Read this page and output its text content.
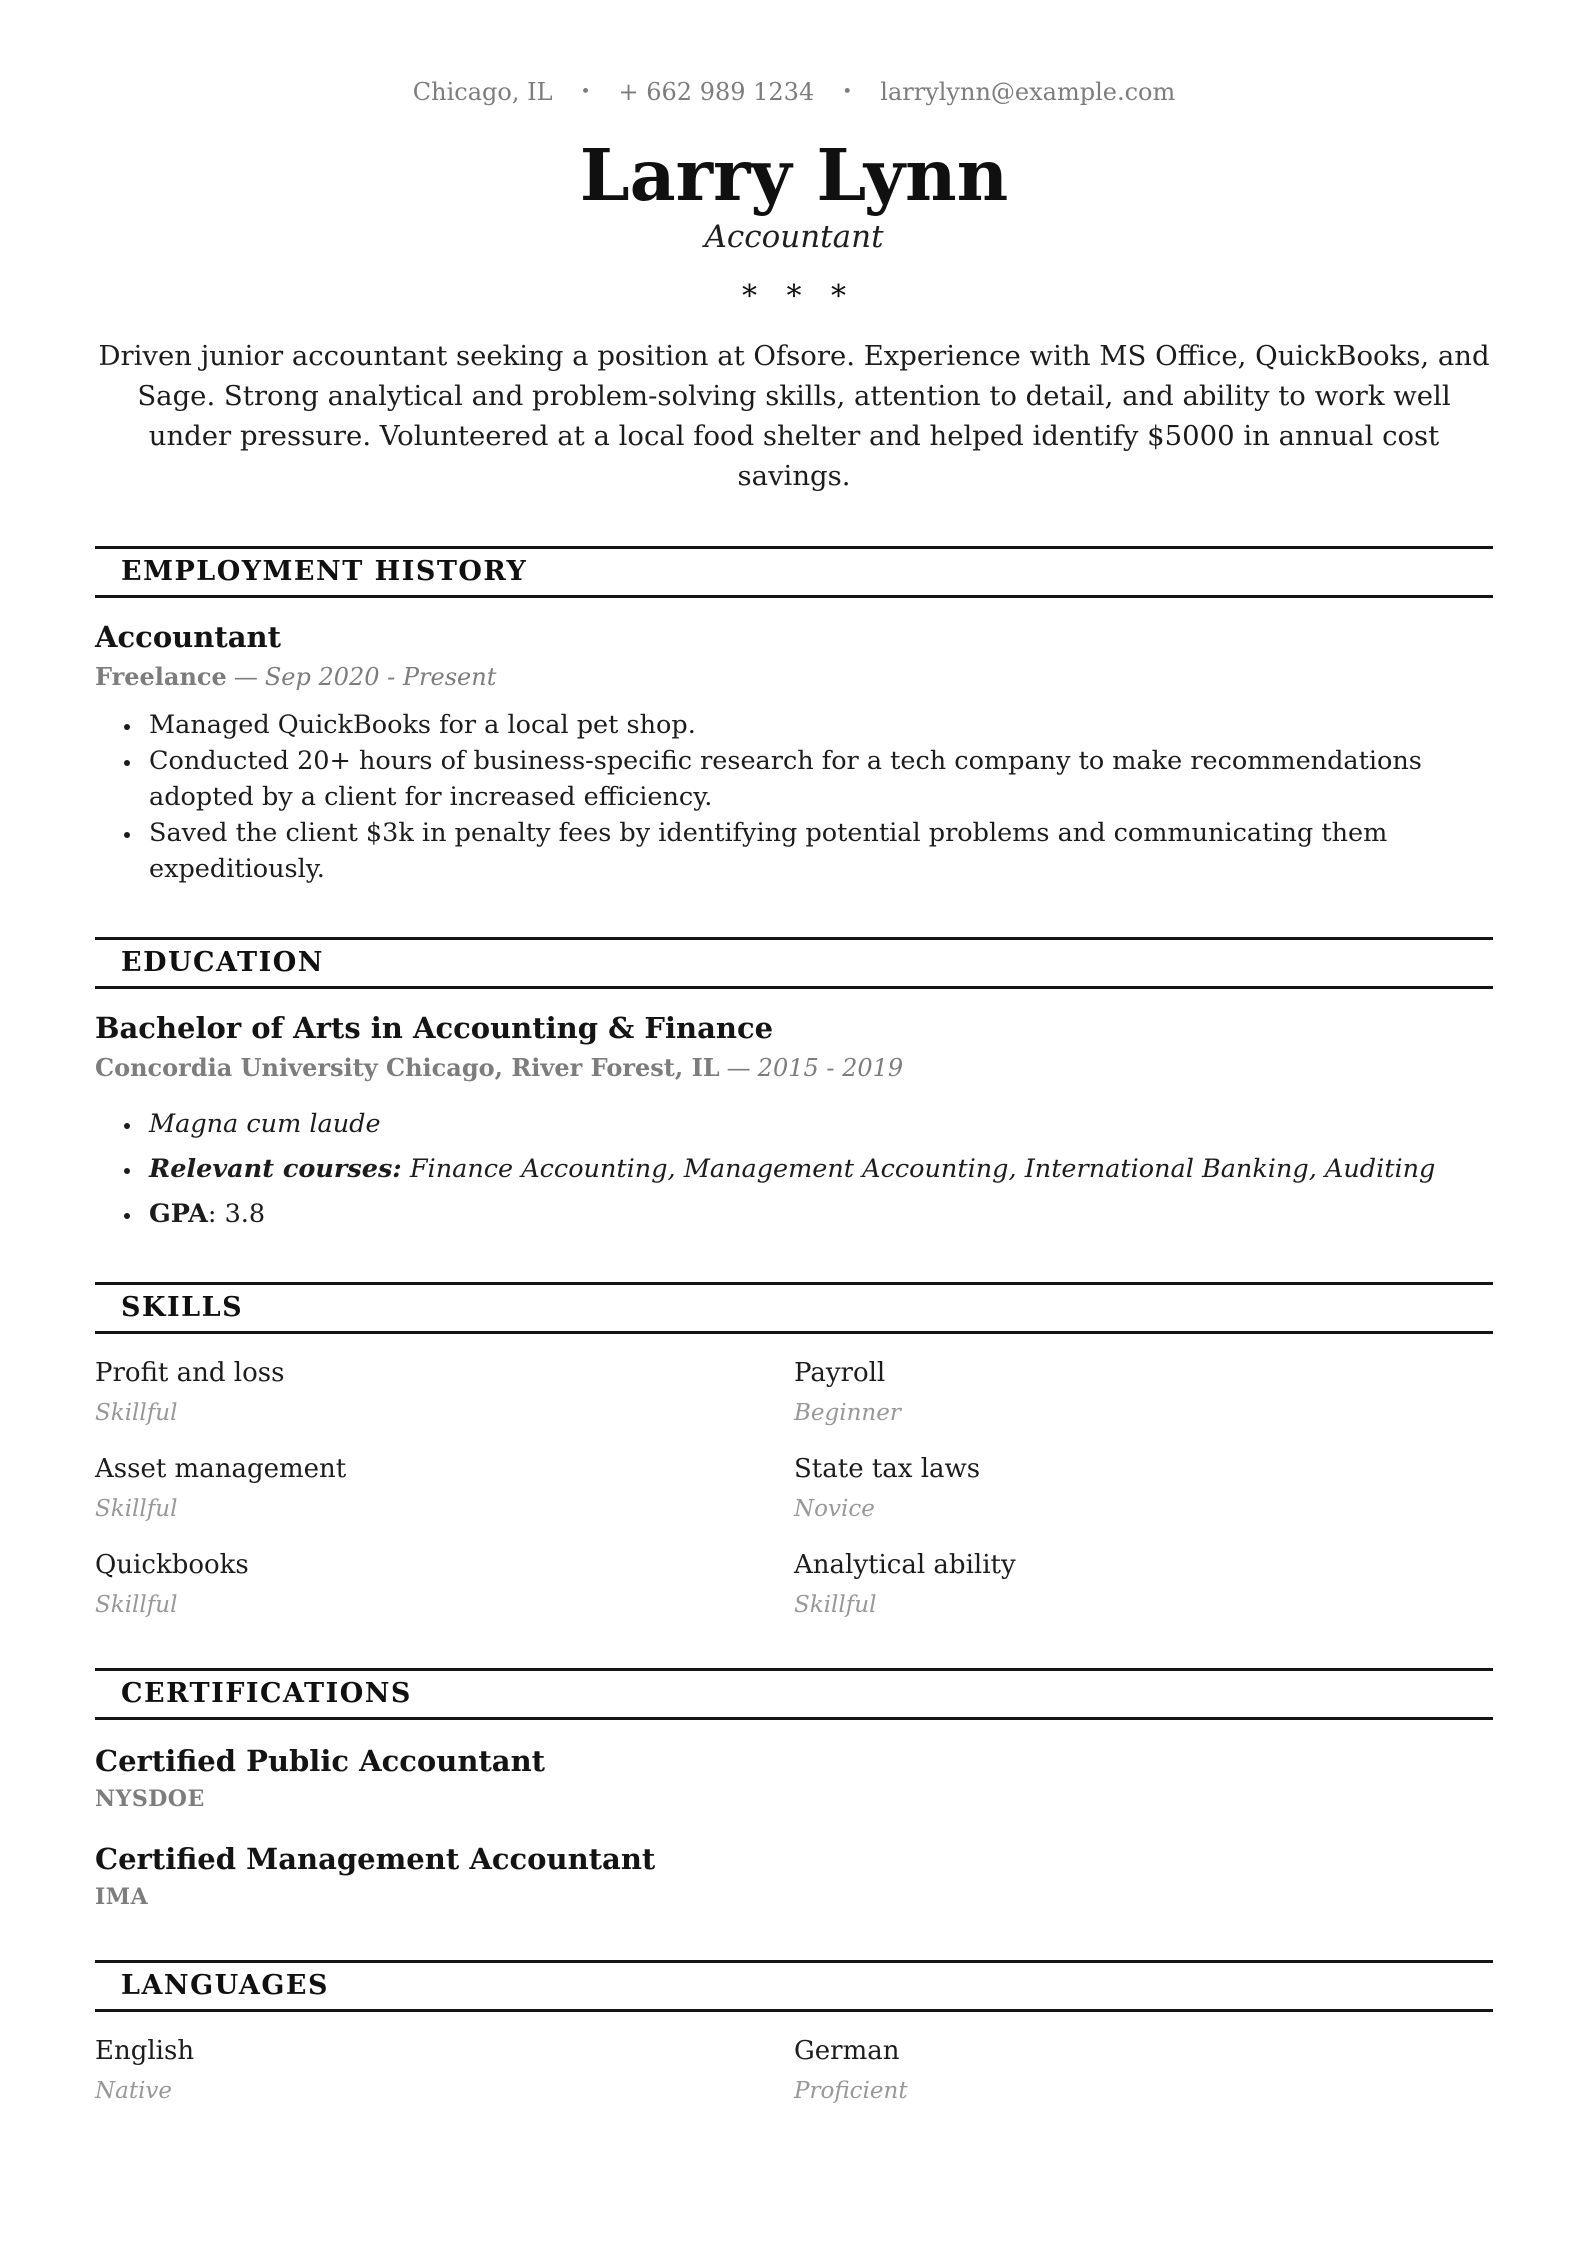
Chicago, IL • + 662 989 1234 • larrylynn@example.com
Larry Lynn
Accountant
* * *

Driven junior accountant seeking a position at Ofsore. Experience with MS Office, QuickBooks, and Sage. Strong analytical and problem-solving skills, attention to detail, and ability to work well under pressure. Volunteered at a local food shelter and helped identify $5000 in annual cost savings.

EMPLOYMENT HISTORY
Accountant
Freelance — Sep 2020 - Present
• Managed QuickBooks for a local pet shop.
• Conducted 20+ hours of business-specific research for a tech company to make recommendations adopted by a client for increased efficiency.
• Saved the client $3k in penalty fees by identifying potential problems and communicating them expeditiously.
EDUCATION
Bachelor of Arts in Accounting & Finance
Concordia University Chicago, River Forest, IL — 2015 - 2019
• Magna cum laude
• Relevant courses: Finance Accounting, Management Accounting, International Banking, Auditing
• GPA: 3.8
SKILLS
Profit and loss
Skillful
Payroll
Beginner
Asset management
Skillful
State tax laws
Novice
Quickbooks
Skillful
Analytical ability
Skillful
CERTIFICATIONS
Certified Public Accountant
NYSDOE
Certified Management Accountant
IMA
LANGUAGES
English
Native
German
Proficient
